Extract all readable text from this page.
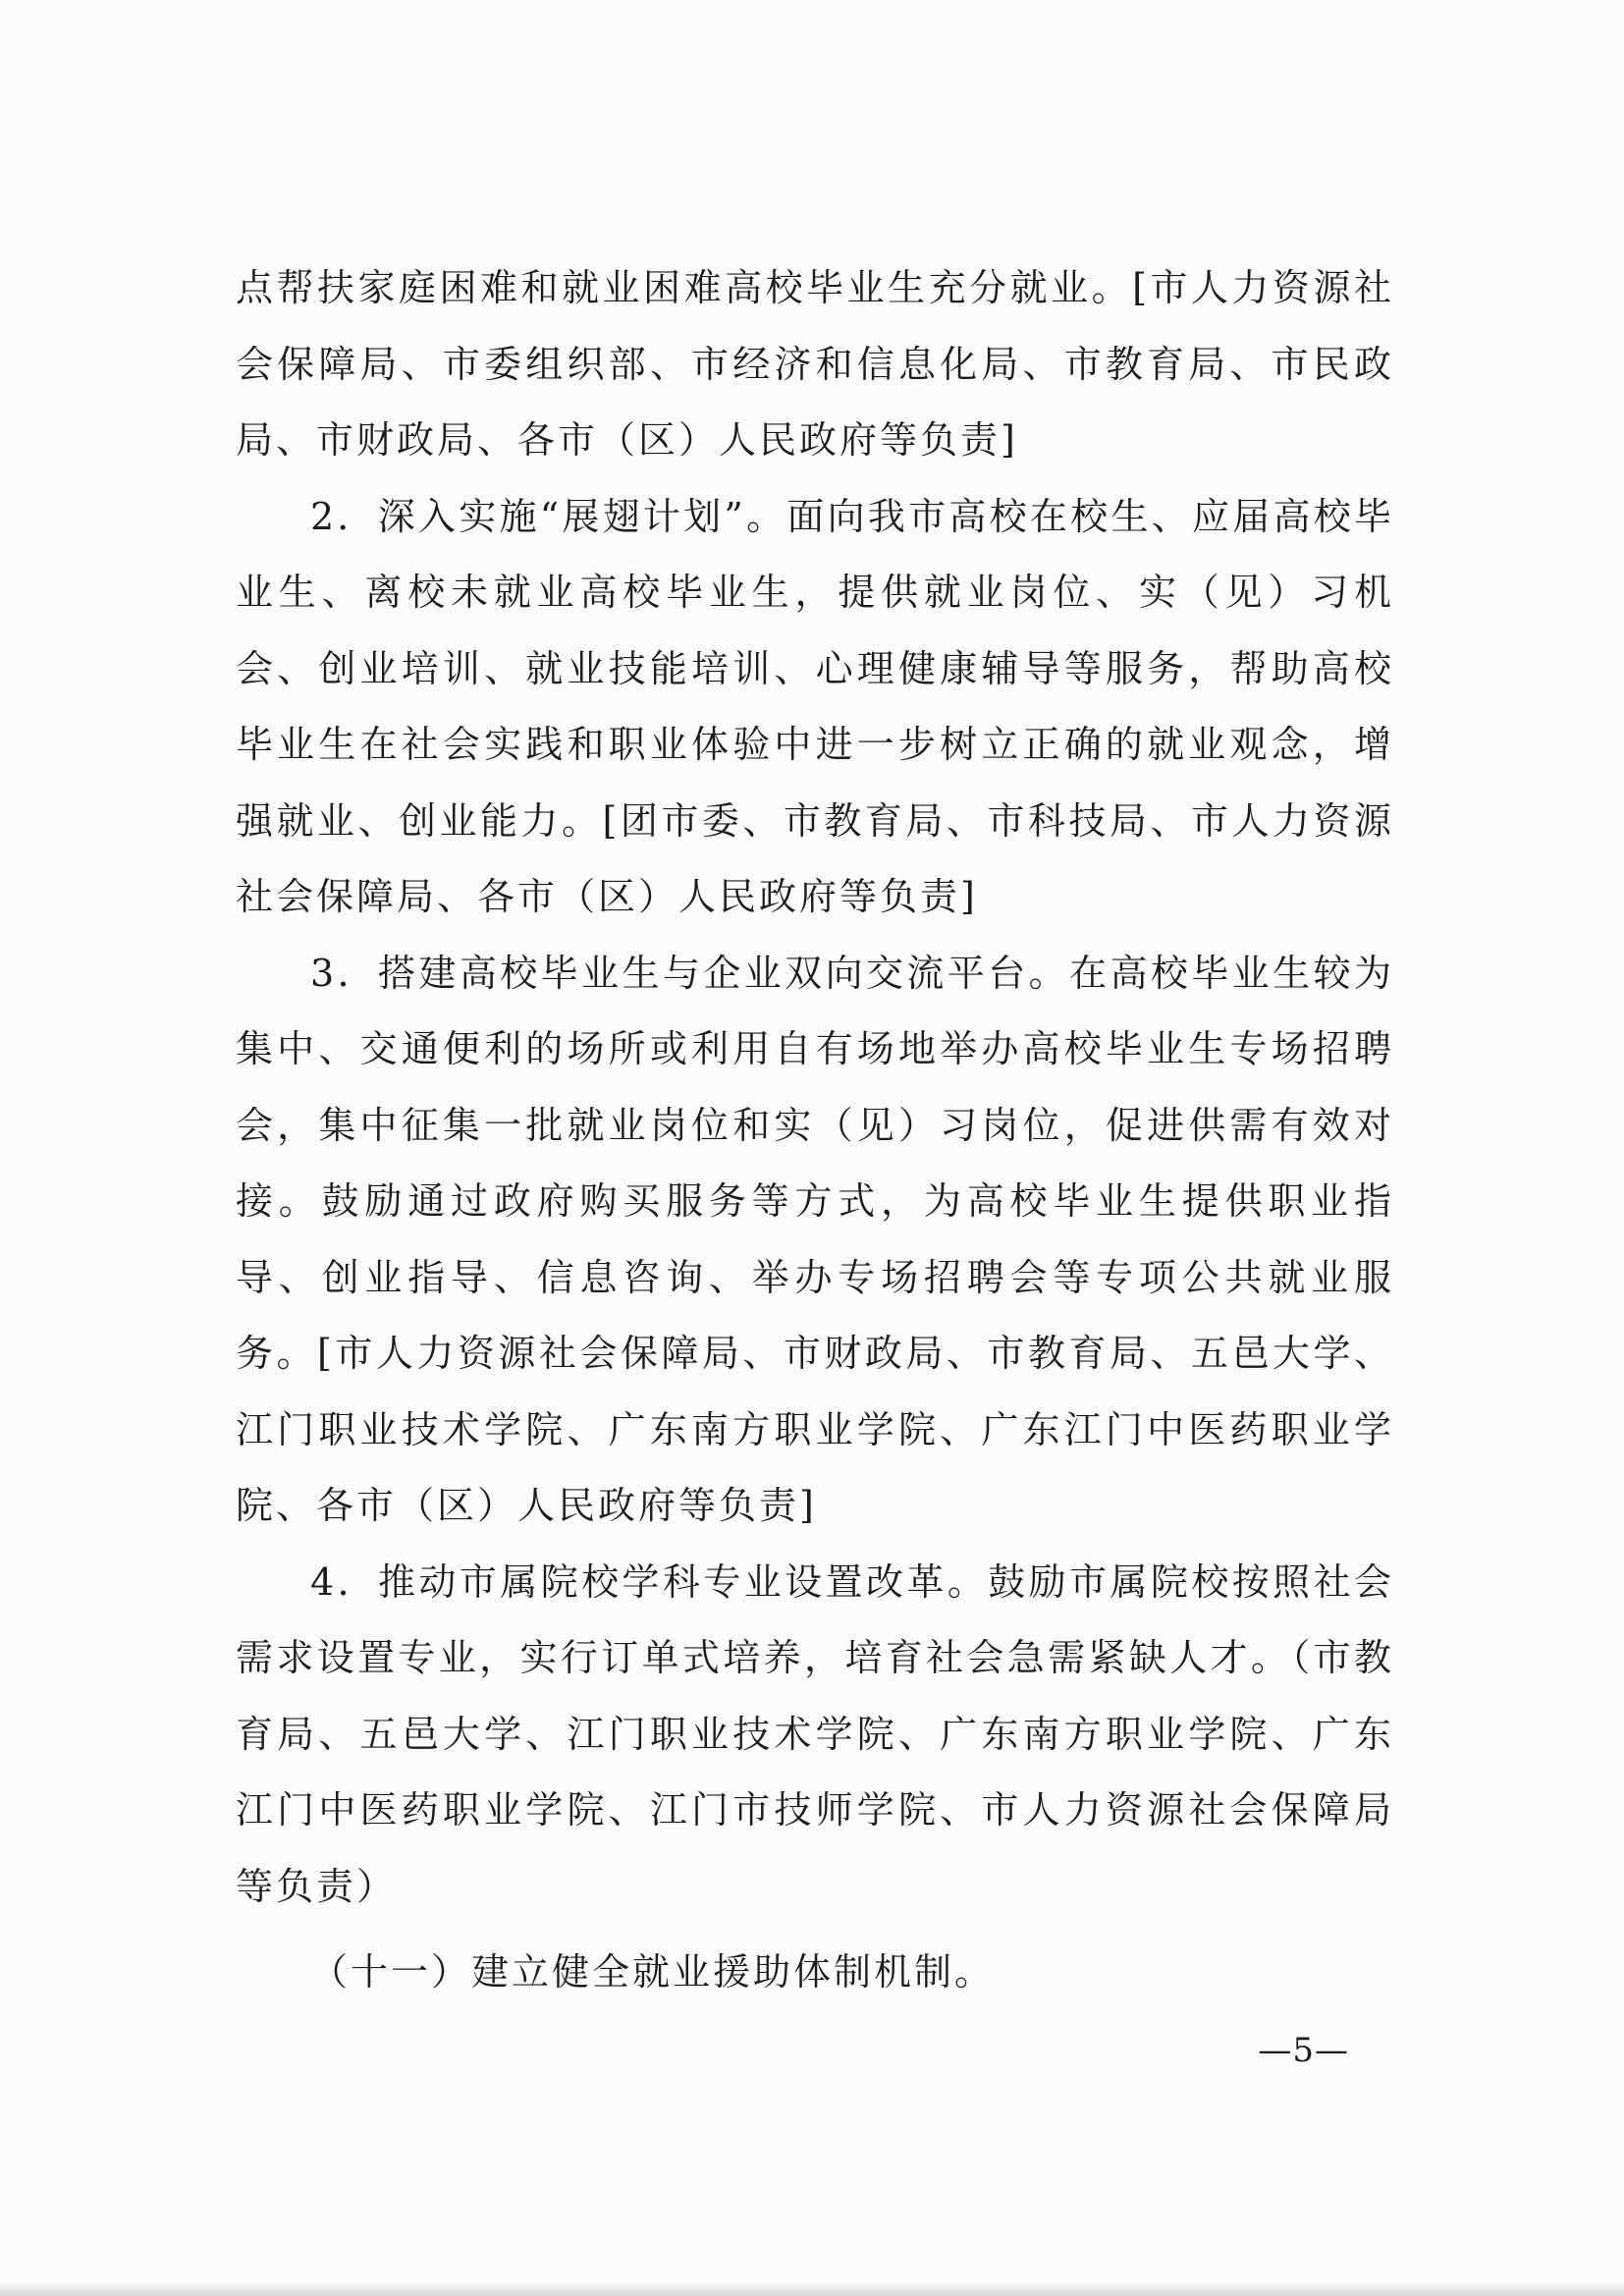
点帮扶家庭困难和就业困难高校毕业生充分就业。[市人力资源社会保障局、市委组织部、市经济和信息化局、市教育局、市民政局、市财政局、各市（区）人民政府等负责]

2．深入实施“展翅计划”。面向我市高校在校生、应届高校毕业生、离校未就业高校毕业生，提供就业岗位、实（见）习机会、创业培训、就业技能培训、心理健康辅导等服务，帮助高校毕业生在社会实践和职业体验中进一步树立正确的就业观念，增强就业、创业能力。[团市委、市教育局、市科技局、市人力资源社会保障局、各市（区）人民政府等负责]

3．搭建高校毕业生与企业双向交流平台。在高校毕业生较为集中、交通便利的场所或利用自有场地举办高校毕业生专场招聘会，集中征集一批就业岗位和实（见）习岗位，促进供需有效对接。鼓励通过政府购买服务等方式，为高校毕业生提供职业指导、创业指导、信息咨询、举办专场招聘会等专项公共就业服务。[市人力资源社会保障局、市财政局、市教育局、五邑大学、江门职业技术学院、广东南方职业学院、广东江门中医药职业学院、各市（区）人民政府等负责]

4．推动市属院校学科专业设置改革。鼓励市属院校按照社会需求设置专业，实行订单式培养，培育社会急需紧缺人才。（市教育局、五邑大学、江门职业技术学院、广东南方职业学院、广东江门中医药职业学院、江门市技师学院、市人力资源社会保障局等负责）

（十一）建立健全就业援助体制机制。

—5—
